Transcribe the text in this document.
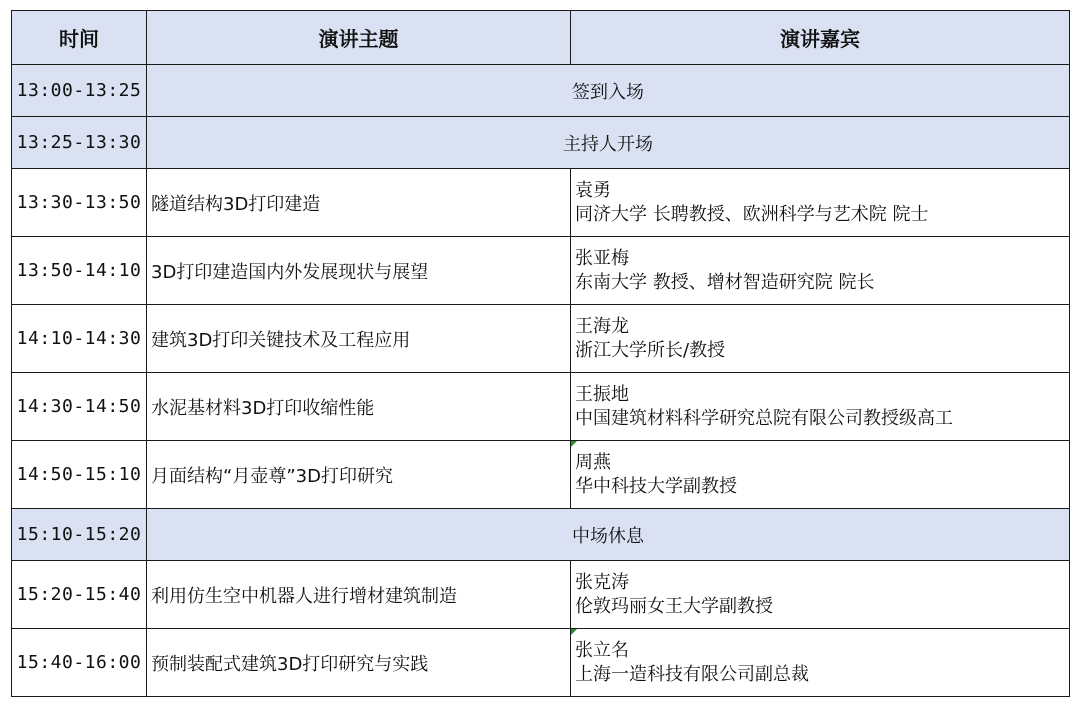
时间	演讲主题	演讲嘉宾
13:00-13:25	签到入场	
13:25-13:30	主持人开场	
13:30-13:50	隧道结构3D打印建造	袁勇
同济大学 长聘教授、欧洲科学与艺术院 院士

13:50-14:10	3D打印建造国内外发展现状与展望	张亚梅
东南大学 教授、增材智造研究院 院长

14:10-14:30	建筑3D打印关键技术及工程应用	王海龙
浙江大学所长/教授

14:30-14:50	水泥基材料3D打印收缩性能	王振地
中国建筑材料科学研究总院有限公司教授级高工

14:50-15:10	月面结构“月壶尊”3D打印研究	周燕
华中科技大学副教授

15:10-15:20	中场休息	
15:20-15:40	利用仿生空中机器人进行增材建筑制造	张克涛
伦敦玛丽女王大学副教授

15:40-16:00	预制装配式建筑3D打印研究与实践	张立名
上海一造科技有限公司副总裁
